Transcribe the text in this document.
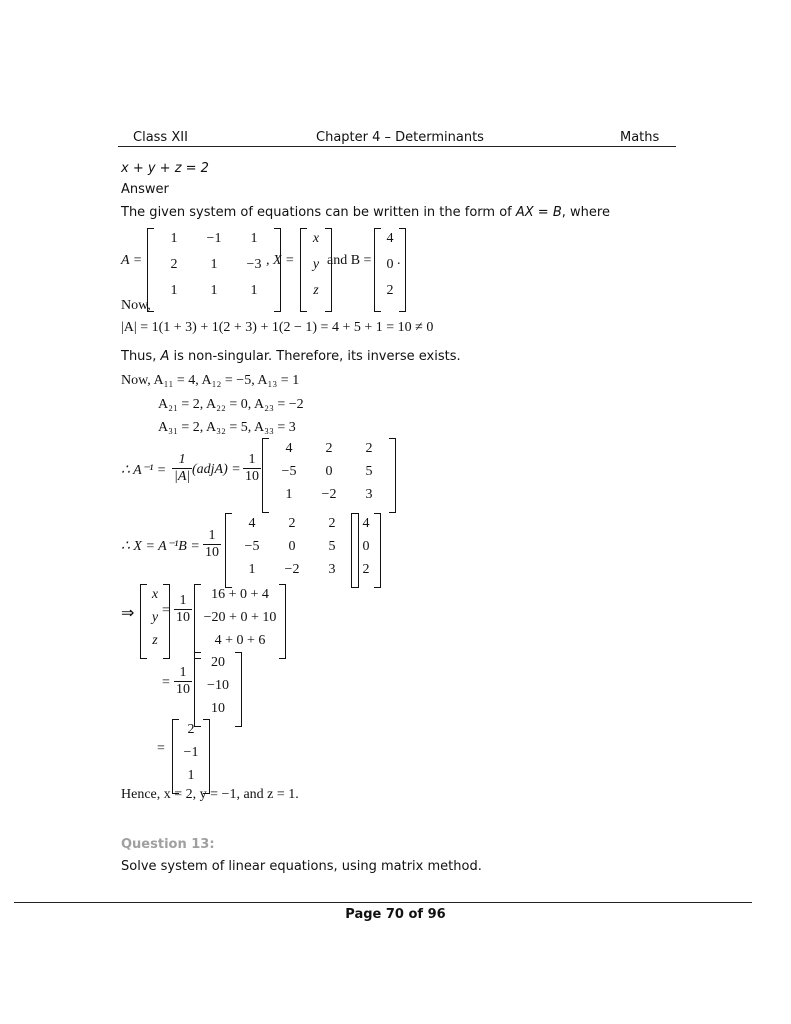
Class XII	Chapter 4 – Determinants	Maths
x + y + z = 2
Answer
The given system of equations can be written in the form of AX = B, where
A =
1	−1	1
2	1	−3
1	1	1
, X =
x
y
z
and B =
4
0
2
.
Now,
|A| = 1(1 + 3) + 1(2 + 3) + 1(2 − 1) = 4 + 5 + 1 = 10 ≠ 0
Thus, A is non-singular. Therefore, its inverse exists.
Now, A₁₁ = 4, A₁₂ = −5, A₁₃ = 1
A₂₁ = 2, A₂₂ = 0, A₂₃ = −2
A₃₁ = 2, A₃₂ = 5, A₃₃ = 3
∴ $A^{-1} = \frac{1}{|A|}$ (adjA) = $\frac{1}{10}$
4	2	2
−5	0	5
1	−2	3
∴ $X = A^{-1}B = \frac{1}{10}$
4	2	2
−5	0	5
1	−2	3
4
0
2
⇒
x
y
z
= $\frac{1}{10}$	16 + 0 + 4
−20 + 0 + 10
4 + 0 + 6
= $\frac{1}{10}$
20
−10
10
=
2
−1
1
Hence, x = 2, y = −1, and z = 1.
Question 13:
Solve system of linear equations, using matrix method.
Page 70 of 96
